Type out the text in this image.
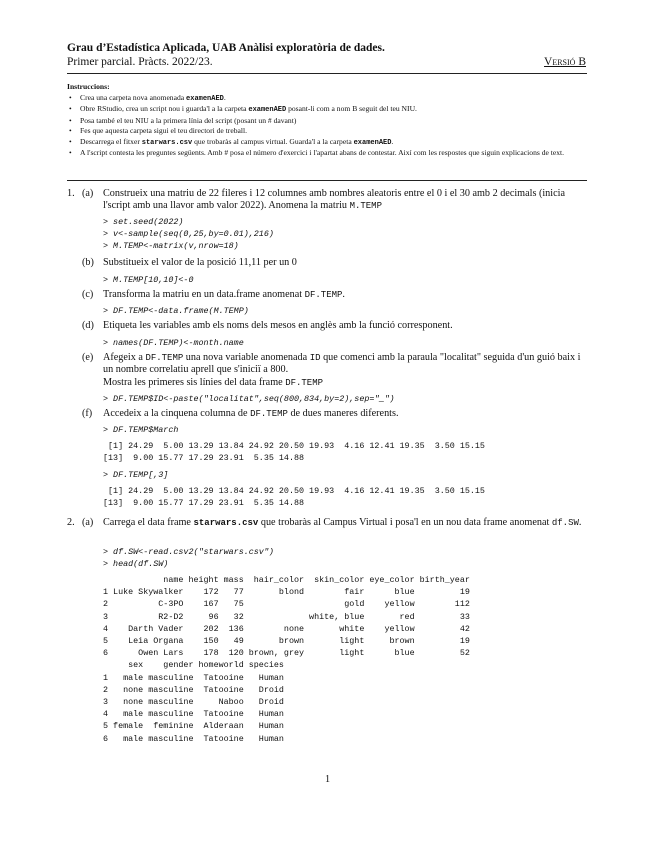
Grau d’Estadística Aplicada, UAB Anàlisi exploratòria de dades.
Primer parcial. Pràcts. 2022/23.	Versió B
Instruccions:
• Crea una carpeta nova anomenada examenAED.
• Obre RStudio, crea un script nou i guarda'l a la carpeta examenAED posant-li com a nom B seguit del teu NIU.
• Posa també el teu NIU a la primera línia del script (posant un # davant)
• Fes que aquesta carpeta sigui el teu directori de treball.
• Descarrega el fitxer starwars.csv que trobaràs al campus virtual. Guarda'l a la carpeta examenAED.
• A l'script contesta les preguntes següents. Amb # posa el número d'exercici i l'apartat abans de contestar. Així com les respostes que siguin explicacions de text.
1. (a) Construeix una matriu de 22 fileres i 12 columnes amb nombres aleatoris entre el 0 i el 30 amb 2 decimals (inicia l'script amb una llavor amb valor 2022). Anomena la matriu M.TEMP
> set.seed(2022)
> v<-sample(seq(0,25,by=0.01),216)
> M.TEMP<-matrix(v,nrow=18)
(b) Substitueix el valor de la posició 11,11 per un 0
> M.TEMP[10,10]<-0
(c) Transforma la matriu en un data.frame anomenat DF.TEMP.
> DF.TEMP<-data.frame(M.TEMP)
(d) Etiqueta les variables amb els noms dels mesos en anglès amb la funció corresponent.
> names(DF.TEMP)<-month.name
(e) Afegeix a DF.TEMP una nova variable anomenada ID que comenci amb la paraula "localitat" seguida d'un guió baix i un nombre correlatiu aprell que s'iniciï a 800.
Mostra les primeres sis línies del data frame DF.TEMP
> DF.TEMP$ID<-paste("localitat",seq(800,834,by=2),sep="_")
(f) Accedeix a la cinquena columna de DF.TEMP de dues maneres diferents.
> DF.TEMP$March
[1] 24.29  5.00 13.29 13.84 24.92 20.50 19.93  4.16 12.41 19.35  3.50 15.15
[13]  9.00 15.77 17.29 23.91  5.35 14.88
> DF.TEMP[,3]
[1] 24.29  5.00 13.29 13.84 24.92 20.50 19.93  4.16 12.41 19.35  3.50 15.15
[13]  9.00 15.77 17.29 23.91  5.35 14.88
2. (a) Carrega el data frame starwars.csv que trobaràs al Campus Virtual i posa'l en un nou data frame anomenat df.SW.
> df.SW<-read.csv2("starwars.csv")
> head(df.SW)
name height mass  hair_color  skin_color eye_color birth_year
1 Luke Skywalker    172   77       blond        fair      blue         19
2          C-3PO    167   75                    gold    yellow        112
3          R2-D2     96   32             white, blue       red         33
4    Darth Vader    202  136        none       white    yellow         42
5    Leia Organa    150   49       brown       light     brown         19
6      Owen Lars    178  120 brown, grey       light      blue         52
sex    gender homeworld species
1   male masculine  Tatooine   Human
2   none masculine  Tatooine   Droid
3   none masculine     Naboo   Droid
4   male masculine  Tatooine   Human
5 female  feminine  Alderaan   Human
6   male masculine  Tatooine   Human
1
